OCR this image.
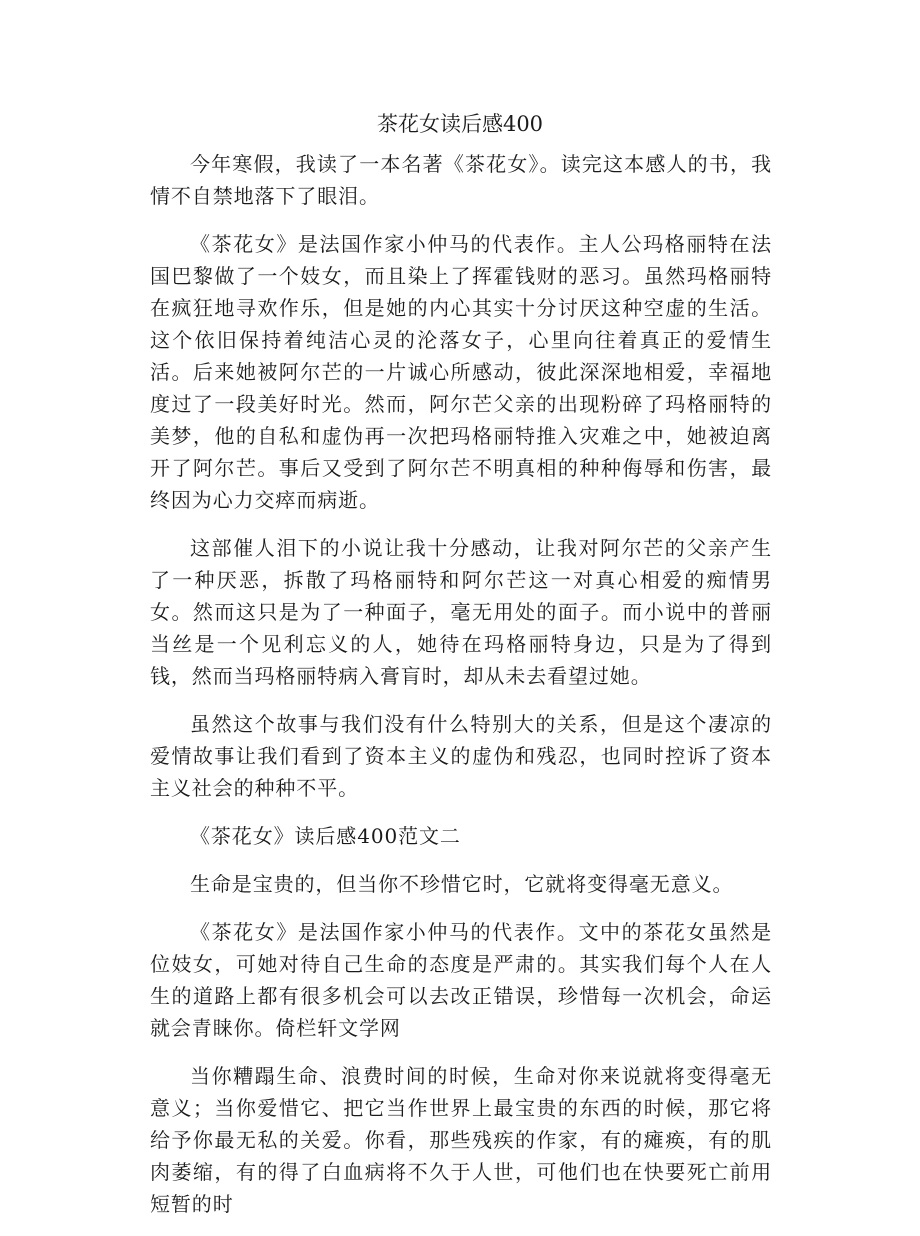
茶花女读后感400

今年寒假，我读了一本名著《茶花女》。读完这本感人的书，我情不自禁地落下了眼泪。

《茶花女》是法国作家小仲马的代表作。主人公玛格丽特在法国巴黎做了一个妓女，而且染上了挥霍钱财的恶习。虽然玛格丽特在疯狂地寻欢作乐，但是她的内心其实十分讨厌这种空虚的生活。这个依旧保持着纯洁心灵的沦落女子，心里向往着真正的爱情生活。后来她被阿尔芒的一片诚心所感动，彼此深深地相爱，幸福地度过了一段美好时光。然而，阿尔芒父亲的出现粉碎了玛格丽特的美梦，他的自私和虚伪再一次把玛格丽特推入灾难之中，她被迫离开了阿尔芒。事后又受到了阿尔芒不明真相的种种侮辱和伤害，最终因为心力交瘁而病逝。

这部催人泪下的小说让我十分感动，让我对阿尔芒的父亲产生了一种厌恶，拆散了玛格丽特和阿尔芒这一对真心相爱的痴情男女。然而这只是为了一种面子，毫无用处的面子。而小说中的普丽当丝是一个见利忘义的人，她待在玛格丽特身边，只是为了得到钱，然而当玛格丽特病入膏肓时，却从未去看望过她。

虽然这个故事与我们没有什么特别大的关系，但是这个凄凉的爱情故事让我们看到了资本主义的虚伪和残忍，也同时控诉了资本主义社会的种种不平。

《茶花女》读后感400范文二

生命是宝贵的，但当你不珍惜它时，它就将变得毫无意义。

《茶花女》是法国作家小仲马的代表作。文中的茶花女虽然是位妓女，可她对待自己生命的态度是严肃的。其实我们每个人在人生的道路上都有很多机会可以去改正错误，珍惜每一次机会，命运就会青睐你。倚栏轩文学网

当你糟蹋生命、浪费时间的时候，生命对你来说就将变得毫无意义；当你爱惜它、把它当作世界上最宝贵的东西的时候，那它将给予你最无私的关爱。你看，那些残疾的作家，有的瘫痪，有的肌肉萎缩，有的得了白血病将不久于人世，可他们也在快要死亡前用短暂的时
